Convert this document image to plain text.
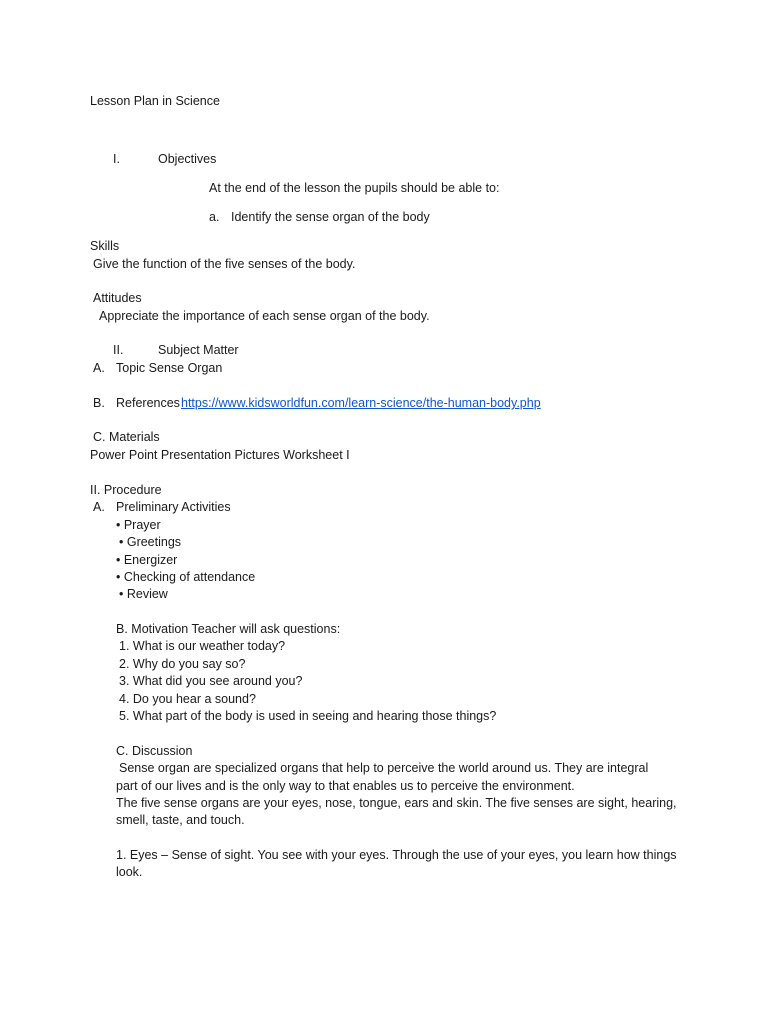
Lesson Plan in Science
I.	Objectives
At the end of the lesson the pupils should be able to:
a. Identify the sense organ of the body
Skills
Give the function of the five senses of the body.
Attitudes
Appreciate the importance of each sense organ of the body.
II.	Subject Matter
A. Topic Sense Organ
B. References https://www.kidsworldfun.com/learn-science/the-human-body.php
C. Materials
Power Point Presentation Pictures Worksheet I
II. Procedure
A. Preliminary Activities
• Prayer
• Greetings
• Energizer
• Checking of attendance
• Review
B. Motivation Teacher will ask questions:
1. What is our weather today?
2. Why do you say so?
3. What did you see around you?
4. Do you hear a sound?
5. What part of the body is used in seeing and hearing those things?
C. Discussion
Sense organ are specialized organs that help to perceive the world around us. They are integral
part of our lives and is the only way to that enables us to perceive the environment.
The five sense organs are your eyes, nose, tongue, ears and skin. The five senses are sight, hearing,
smell, taste, and touch.
1. Eyes – Sense of sight. You see with your eyes. Through the use of your eyes, you learn how things
look.
